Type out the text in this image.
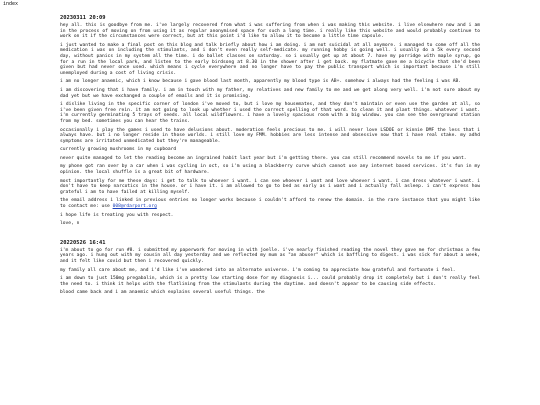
index
20230311 20:09

hey all. this is goodbye from me. i've largely recovered from what i was suffering from when i was making this website. i live elsewhere now and i am in the process of moving on from using it as regular anonymised space for such a long time. i really like this website and would probably continue to work on it if the circumstances were correct, but at this point i'd like to allow it to become a little time capsule.

i just wanted to make a final post on this blog and talk briefly about how i am doing. i am not suicidal at all anymore. i managed to come off all the medication i was on including the stimulants, and i don't even really self-medicate. my running hobby is going well. i usually do a 5k every second day, without panics in my system all the time. i do ballet classes on saturday. so i usually get up at about 7. have my porridge with maple syrup, go for a run in the local park, and listen to the early birdsong at 8.30 in the shower after i get back. my flatmate gave me a bicycle that she'd been given but had never once used. which means i cycle everywhere and no longer have to pay the public transport which is important because i'm still unemployed during a cost of living crisis.

i am no longer anaemic, which i know because i gave blood last month, apparently my blood type is AB+. somehow i always had the feeling i was AB.

i am discovering that i have family. i am in touch with my father, my relatives and new family to me and we get along very well. i'm not sure about my dad yet but we have exchanged a couple of emails and it is promising.

i dislike living in the specific corner of london i've moved to, but i love my housemates, and they don't maintain or even use the garden at all, so i've been given free rein. it am not going to look up whether i used the correct spelling of that word. to clean it and plant things. whatever i want. i'm currently germinating 5 trays of seeds. all local wildflowers. i have a lovely spacious room with a big window. you can see the overground station from my bed. sometimes you can hear the trains.

occasionally i play the games i used to have delusions about. moderation feels precious to me. i will never love LSDOE or kinnie DMF the less that i always have. but i no longer reside in those worlds. i still love my FMM. hobbies are less intense and obsessive now that i have real stake. my adhd symptoms are irritated unmedicated but they're manageable.

currently growing mushrooms in my cupboard

never quite managed to let the reading become an ingrained habit last year but i'm getting there. you can still recommend novels to me if you want.

my phone got ran over by a car when i was cycling in oct, so i'm using a blackberry curve which cannot use any internet based services. it's fun in my opinion. the local shuffle is a great bit of hardware.

most importantly for me these days: i get to talk to whoever i want. i can see whoever i want and love whoever i want. i can dress whatever i want. i don't have to keep narcotics in the house. or i have it. i am allowed to go to bed as early as i want and i actually fall asleep. i can't express how grateful i am to have failed at killing myself.

the email address i linked in previous entries no longer works because i couldn't afford to renew the domain. in the rare instance that you might like to contact me: use 008@rdarport.org

i hope life is treating you with respect.

love, n

20220526 16:41

i'm about to go for run #8. i submitted my paperwork for moving in with joelle. i've nearly finished reading the novel they gave me for christmas a few years ago. i hung out with my cousin all day yesterday and we reflected my mum as "an abuser" which is baffling to digest. i was sick for about a week, and it felt like covid but then i recovered quickly.

my family all care about me, and i'd like i've wandered into an alternate universe. i'm coming to appreciate how grateful and fortunate i feel.

i am down to just 150mg pregabalin, which is a pretty low starting dose for my diagnosis i... could probably drop it completely but i don't really feel the need to. i think it helps with the flatlining from the stimulants during the daytime. and doesn't appear to be causing side effects.

blood came back and i am anaemic which explains several useful things. the
